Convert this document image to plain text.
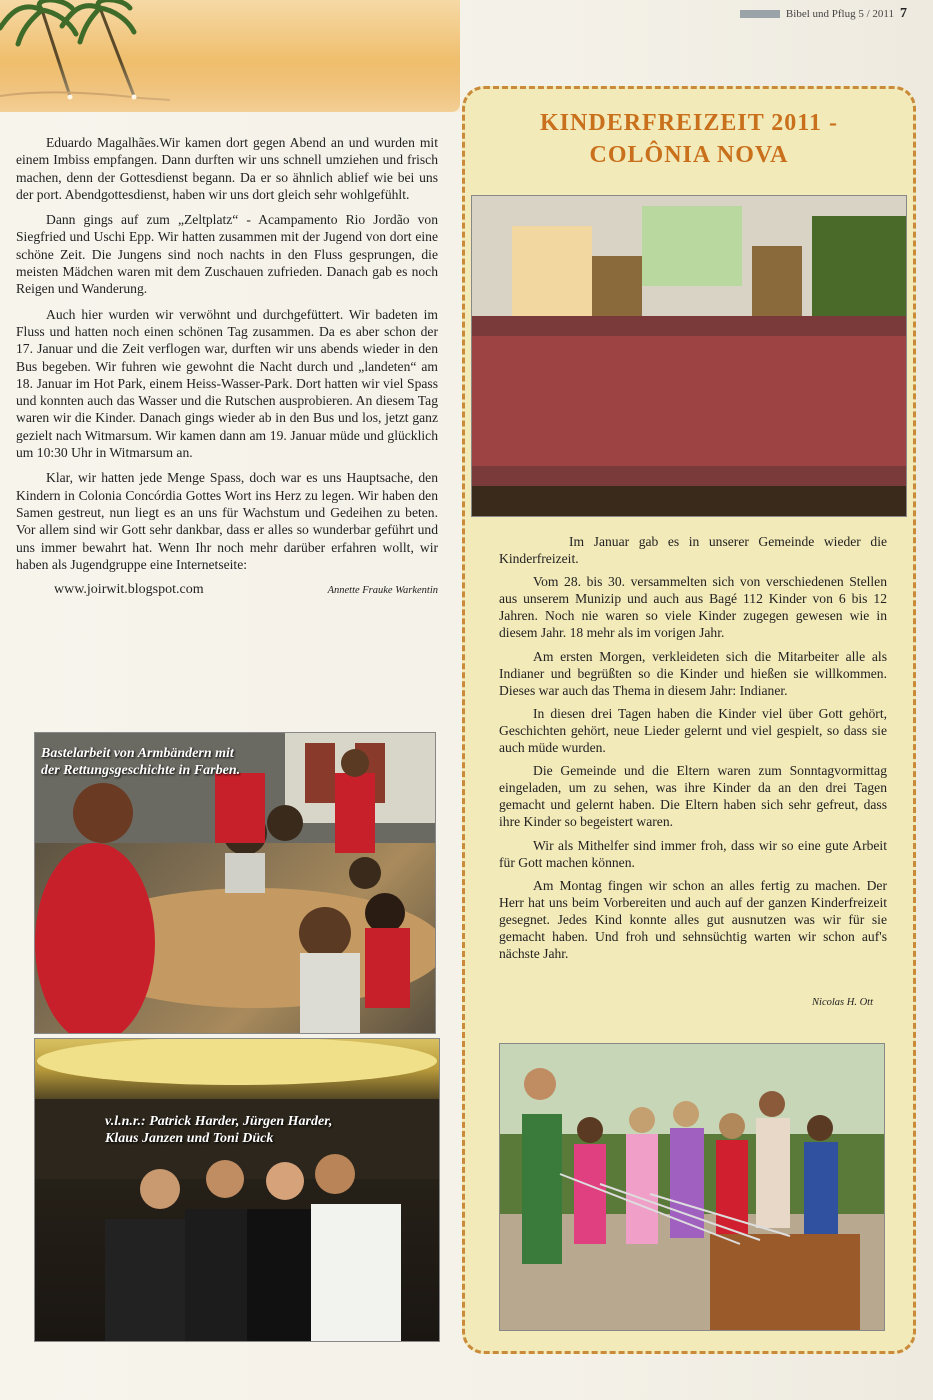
Bibel und Pflug 5 / 2011 7

Eduardo Magalhães.Wir kamen dort gegen Abend an und wurden mit einem Imbiss empfangen. Dann durften wir uns schnell umziehen und frisch machen, denn der Gottesdienst begann. Da er so ähnlich ablief wie bei uns der port. Abendgottesdienst, haben wir uns dort gleich sehr wohlgefühlt.

Dann gings auf zum „Zeltplatz“ - Acampamento Rio Jordão von Siegfried und Uschi Epp. Wir hatten zusammen mit der Jugend von dort eine schöne Zeit. Die Jungens sind noch nachts in den Fluss gesprungen, die meisten Mädchen waren mit dem Zuschauen zufrieden. Danach gab es noch Reigen und Wanderung.

Auch hier wurden wir verwöhnt und durchgefüttert. Wir badeten im Fluss und hatten noch einen schönen Tag zusammen. Da es aber schon der 17. Januar und die Zeit verflogen war, durften wir uns abends wieder in den Bus begeben. Wir fuhren wie gewohnt die Nacht durch und „landeten“ am 18. Januar im Hot Park, einem Heiss-Wasser-Park. Dort hatten wir viel Spass und konnten auch das Wasser und die Rutschen ausprobieren. An diesem Tag waren wir die Kinder. Danach gings wieder ab in den Bus und los, jetzt ganz gezielt nach Witmarsum. Wir kamen dann am 19. Januar müde und glücklich um 10:30 Uhr in Witmarsum an.

Klar, wir hatten jede Menge Spass, doch war es uns Hauptsache, den Kindern in Colonia Concórdia Gottes Wort ins Herz zu legen. Wir haben den Samen gestreut, nun liegt es an uns für Wachstum und Gedeihen zu beten. Vor allem sind wir Gott sehr dankbar, dass er alles so wunderbar geführt und uns immer bewahrt hat. Wenn Ihr noch mehr darüber erfahren wollt, wir haben als Jugendgruppe eine Internetseite:

www.joirwit.blogspot.com	Annette Frauke Warkentin
Bastelarbeit von Armbändern mit
der Rettungsgeschichte in Farben.
v.l.n.r.: Patrick Harder, Jürgen Harder,
Klaus Janzen und Toni Dück
KINDERFREIZEIT 2011 -
COLÔNIA NOVA

Im Januar gab es in unserer Gemeinde wieder die Kinderfreizeit.

Vom 28. bis 30. versammelten sich von verschiedenen Stellen aus unserem Munizip und auch aus Bagé 112 Kinder von 6 bis 12 Jahren. Noch nie waren so viele Kinder zugegen gewesen wie in diesem Jahr. 18 mehr als im vorigen Jahr.

Am ersten Morgen, verkleideten sich die Mitarbeiter alle als Indianer und begrüßten so die Kinder und hießen sie willkommen. Dieses war auch das Thema in diesem Jahr: Indianer.

In diesen drei Tagen haben die Kinder viel über Gott gehört, Geschichten gehört, neue Lieder gelernt und viel gespielt, so dass sie auch müde wurden.

Die Gemeinde und die Eltern waren zum Sonntagvormittag eingeladen, um zu sehen, was ihre Kinder da an den drei Tagen gemacht und gelernt haben. Die Eltern haben sich sehr gefreut, dass ihre Kinder so begeistert waren.

Wir als Mithelfer sind immer froh, dass wir so eine gute Arbeit für Gott machen können.

Am Montag fingen wir schon an alles fertig zu machen. Der Herr hat uns beim Vorbereiten und auch auf der ganzen Kinderfreizeit gesegnet. Jedes Kind konnte alles gut ausnutzen was wir für sie gemacht haben. Und froh und sehnsüchtig warten wir schon auf's nächste Jahr.

Nicolas H. Ott
